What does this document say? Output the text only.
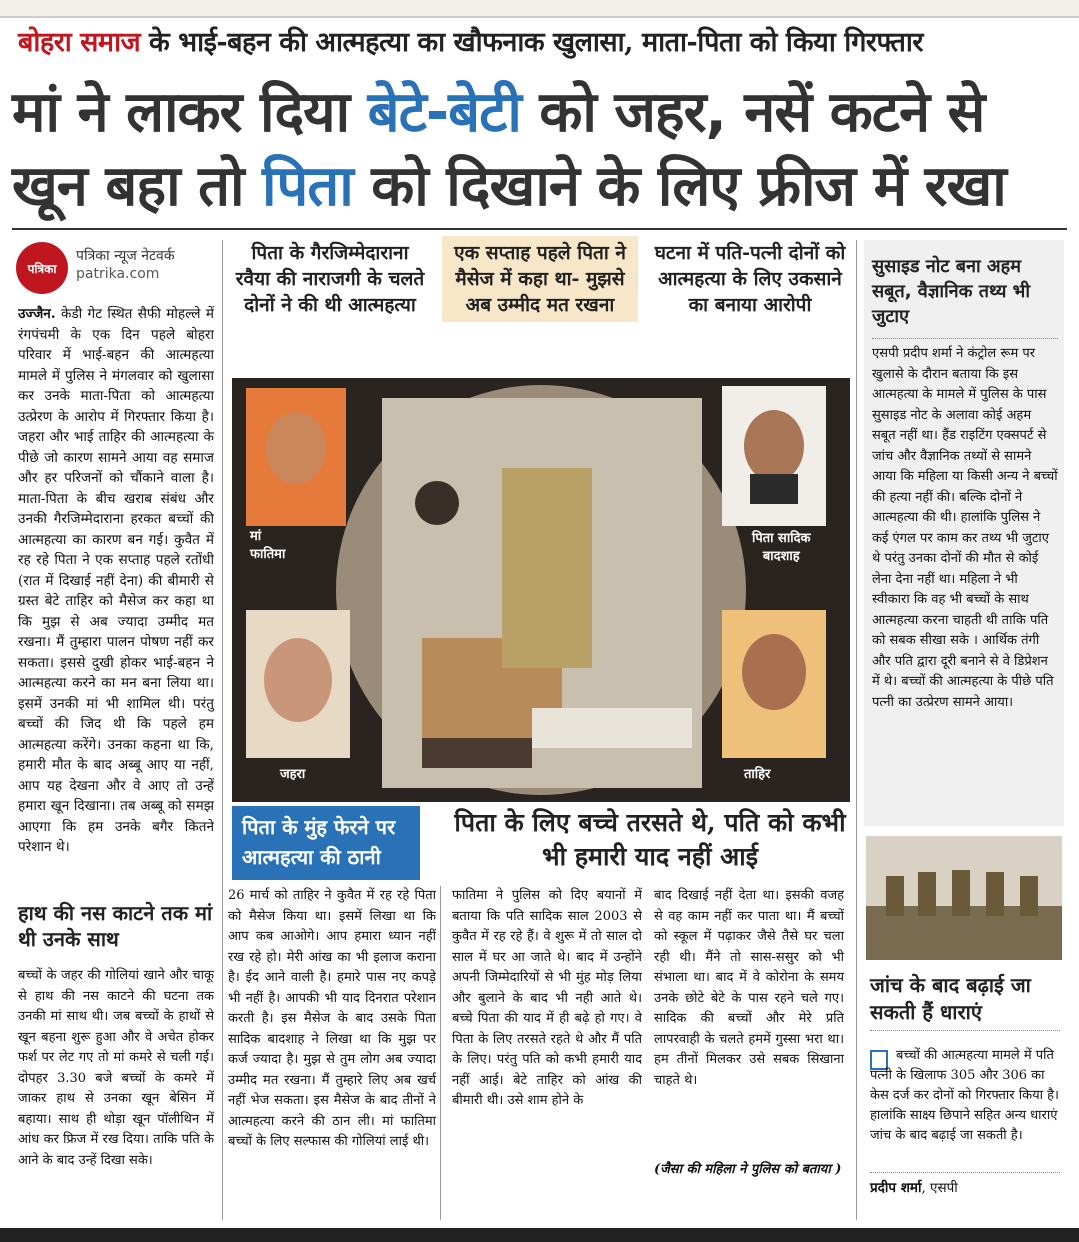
बोहरा समाज के भाई-बहन की आत्महत्या का खौफनाक खुलासा, माता-पिता को किया गिरफ्तार
मां ने लाकर दिया बेटे-बेटी को जहर, नसें कटने से
खून बहा तो पिता को दिखाने के लिए फ्रीज में रखा
पत्रिका
पत्रिका न्यूज नेटवर्क
patrika.com
उज्जैन. केडी गेट स्थित सैफी मोहल्ले में रंगपंचमी के एक दिन पहले बोहरा परिवार में भाई-बहन की आत्महत्या मामले में पुलिस ने मंगलवार को खुलासा कर उनके माता-पिता को आत्महत्या उत्प्रेरण के आरोप में गिरफ्तार किया है। जहरा और भाई ताहिर की आत्महत्या के पीछे जो कारण सामने आया वह समाज और हर परिजनों को चौंकाने वाला है। माता-पिता के बीच खराब संबंध और उनकी गैरजिम्मेदाराना हरकत बच्चों की आत्महत्या का कारण बन गई। कुवैत में रह रहे पिता ने एक सप्ताह पहले रतोंधी (रात में दिखाई नहीं देना) की बीमारी से ग्रस्त बेटे ताहिर को मैसेज कर कहा था कि मुझ से अब ज्यादा उम्मीद मत रखना। मैं तुम्हारा पालन पोषण नहीं कर सकता। इससे दुखी होकर भाई-बहन ने आत्महत्या करने का मन बना लिया था। इसमें उनकी मां भी शामिल थी। परंतु बच्चों की जिद थी कि पहले हम आत्महत्या करेंगे। उनका कहना था कि, हमारी मौत के बाद अब्बू आए या नहीं, आप यह देखना और वे आए तो उन्हें हमारा खून दिखाना। तब अब्बू को समझ आएगा कि हम उनके बगैर कितने परेशान थे।
हाथ की नस काटने तक मां थी उनके साथ
बच्चों के जहर की गोलियां खाने और चाकू से हाथ की नस काटने की घटना तक उनकी मां साथ थी। जब बच्चों के हाथों से खून बहना शुरू हुआ और वे अचेत होकर फर्श पर लेट गए तो मां कमरे से चली गई। दोपहर 3.30 बजे बच्चों के कमरे में जाकर हाथ से उनका खून बेसिन में बहाया। साथ ही थोड़ा खून पॉलीथिन में आंध कर फ्रिज में रख दिया। ताकि पति के आने के बाद उन्हें दिखा सके।
पिता के गैरजिम्मेदाराना रवैया की नाराजगी के चलते दोनों ने की थी आत्महत्या
एक सप्ताह पहले पिता ने मैसेज में कहा था- मुझसे अब उम्मीद मत रखना
घटना में पति-पत्नी दोनों को आत्महत्या के लिए उकसाने का बनाया आरोपी
मां
फातिमा
जहरा
पिता सादिक
बादशाह
ताहिर
पिता के मुंह फेरने पर आत्महत्या की ठानी
26 मार्च को ताहिर ने कुवैत में रह रहे पिता को मैसेज किया था। इसमें लिखा था कि आप कब आओगे। आप हमारा ध्यान नहीं रख रहे हो। मेरी आंख का भी इलाज कराना है। ईद आने वाली है। हमारे पास नए कपड़े भी नहीं है। आपकी भी याद दिनरात परेशान करती है। इस मैसेज के बाद उसके पिता सादिक बादशाह ने लिखा था कि मुझ पर कर्ज ज्यादा है। मुझ से तुम लोग अब ज्यादा उम्मीद मत रखना। मैं तुम्हारे लिए अब खर्च नहीं भेज सकता। इस मैसेज के बाद तीनों ने आत्महत्या करने की ठान ली। मां फातिमा बच्चों के लिए सल्फास की गोलियां लाई थी।
पिता के लिए बच्चे तरसते थे, पति को कभी भी हमारी याद नहीं आई
फातिमा ने पुलिस को दिए बयानों में बताया कि पति सादिक साल 2003 से कुवैत में रह रहे हैं। वे शुरू में तो साल दो साल में घर आ जाते थे। बाद में उन्होंने अपनी जिम्मेदारियों से भी मुंह मोड़ लिया और बुलाने के बाद भी नही आते थे। बच्चे पिता की याद में ही बढ़े हो गए। वे पिता के लिए तरसते रहते थे और मैं पति के लिए। परंतु पति को कभी हमारी याद नहीं आई। बेटे ताहिर को आंख की बीमारी थी। उसे शाम होने के
बाद दिखाई नहीं देता था। इसकी वजह से वह काम नहीं कर पाता था। मैं बच्चों को स्कूल में पढ़ाकर जैसे तैसे घर चला रही थी। मैंने तो सास-ससुर को भी संभाला था। बाद में वे कोरोना के समय उनके छोटे बेटे के पास रहने चले गए। सादिक की बच्चों और मेरे प्रति लापरवाही के चलते हममें गुस्सा भरा था। हम तीनों मिलकर उसे सबक सिखाना चाहते थे।
(जैसा की महिला ने पुलिस को बताया )
सुसाइड नोट बना अहम सबूत, वैज्ञानिक तथ्य भी जुटाए
एसपी प्रदीप शर्मा ने कंट्रोल रूम पर खुलासे के दौरान बताया कि इस आत्महत्या के मामले में पुलिस के पास सुसाइड नोट के अलावा कोई अहम सबूत नहीं था। हैंड राइटिंग एक्सपर्ट से जांच और वैज्ञानिक तथ्यों से सामने आया कि महिला या किसी अन्य ने बच्चों की हत्या नहीं की। बल्कि दोनों ने आत्महत्या की थी। हालांकि पुलिस ने कई एंगल पर काम कर तथ्य भी जुटाए थे परंतु उनका दोनों की मौत से कोई लेना देना नहीं था। महिला ने भी स्वीकारा कि वह भी बच्चों के साथ आत्महत्या करना चाहती थी ताकि पति को सबक सीखा सके । आर्थिक तंगी और पति द्वारा दूरी बनाने से वे डिप्रेशन में थे। बच्चों की आत्महत्या के पीछे पति पत्नी का उत्प्रेरण सामने आया।
जांच के बाद बढ़ाई जा सकती हैं धाराएं
बच्चों की आत्महत्या मामले में पति पत्नी के खिलाफ 305 और 306 का केस दर्ज कर दोनों को गिरफ्तार किया है। हालांकि साक्ष्य छिपाने सहित अन्य धाराएं जांच के बाद बढ़ाई जा सकती है।
प्रदीप शर्मा, एसपी
